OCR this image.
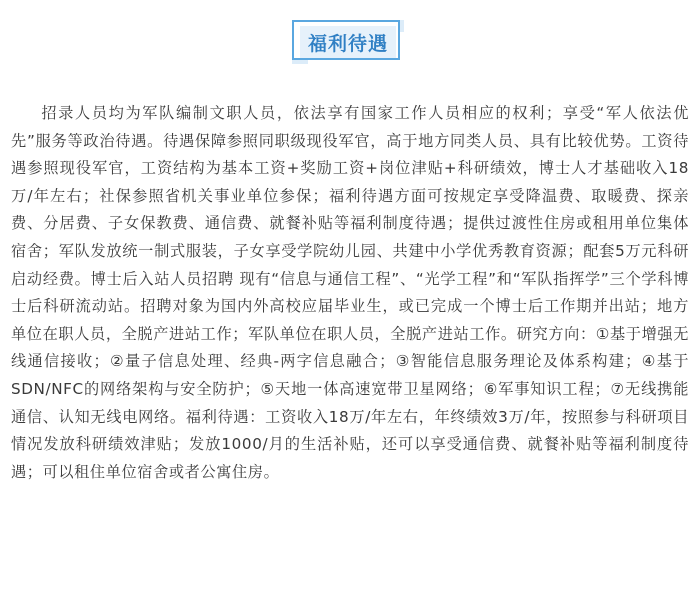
福利待遇

招录人员均为军队编制文职人员，依法享有国家工作人员相应的权利；享受“军人依法优先”服务等政治待遇。待遇保障参照同职级现役军官，高于地方同类人员、具有比较优势。工资待遇参照现役军官，工资结构为基本工资+奖励工资+岗位津贴+科研绩效，博士人才基础收入18万/年左右；社保参照省机关事业单位参保；福利待遇方面可按规定享受降温费、取暖费、探亲费、分居费、子女保教费、通信费、就餐补贴等福利制度待遇；提供过渡性住房或租用单位集体宿舍；军队发放统一制式服装，子女享受学院幼儿园、共建中小学优秀教育资源；配套5万元科研启动经费。博士后入站人员招聘 现有“信息与通信工程”、“光学工程”和“军队指挥学”三个学科博士后科研流动站。招聘对象为国内外高校应届毕业生，或已完成一个博士后工作期并出站；地方单位在职人员，全脱产进站工作；军队单位在职人员，全脱产进站工作。研究方向：①基于增强无线通信接收；②量子信息处理、经典-两字信息融合；③智能信息服务理论及体系构建；④基于SDN/NFC的网络架构与安全防护；⑤天地一体高速宽带卫星网络；⑥军事知识工程；⑦无线携能通信、认知无线电网络。福利待遇：工资收入18万/年左右，年终绩效3万/年，按照参与科研项目情况发放科研绩效津贴；发放1000/月的生活补贴，还可以享受通信费、就餐补贴等福利制度待遇；可以租住单位宿舍或者公寓住房。
